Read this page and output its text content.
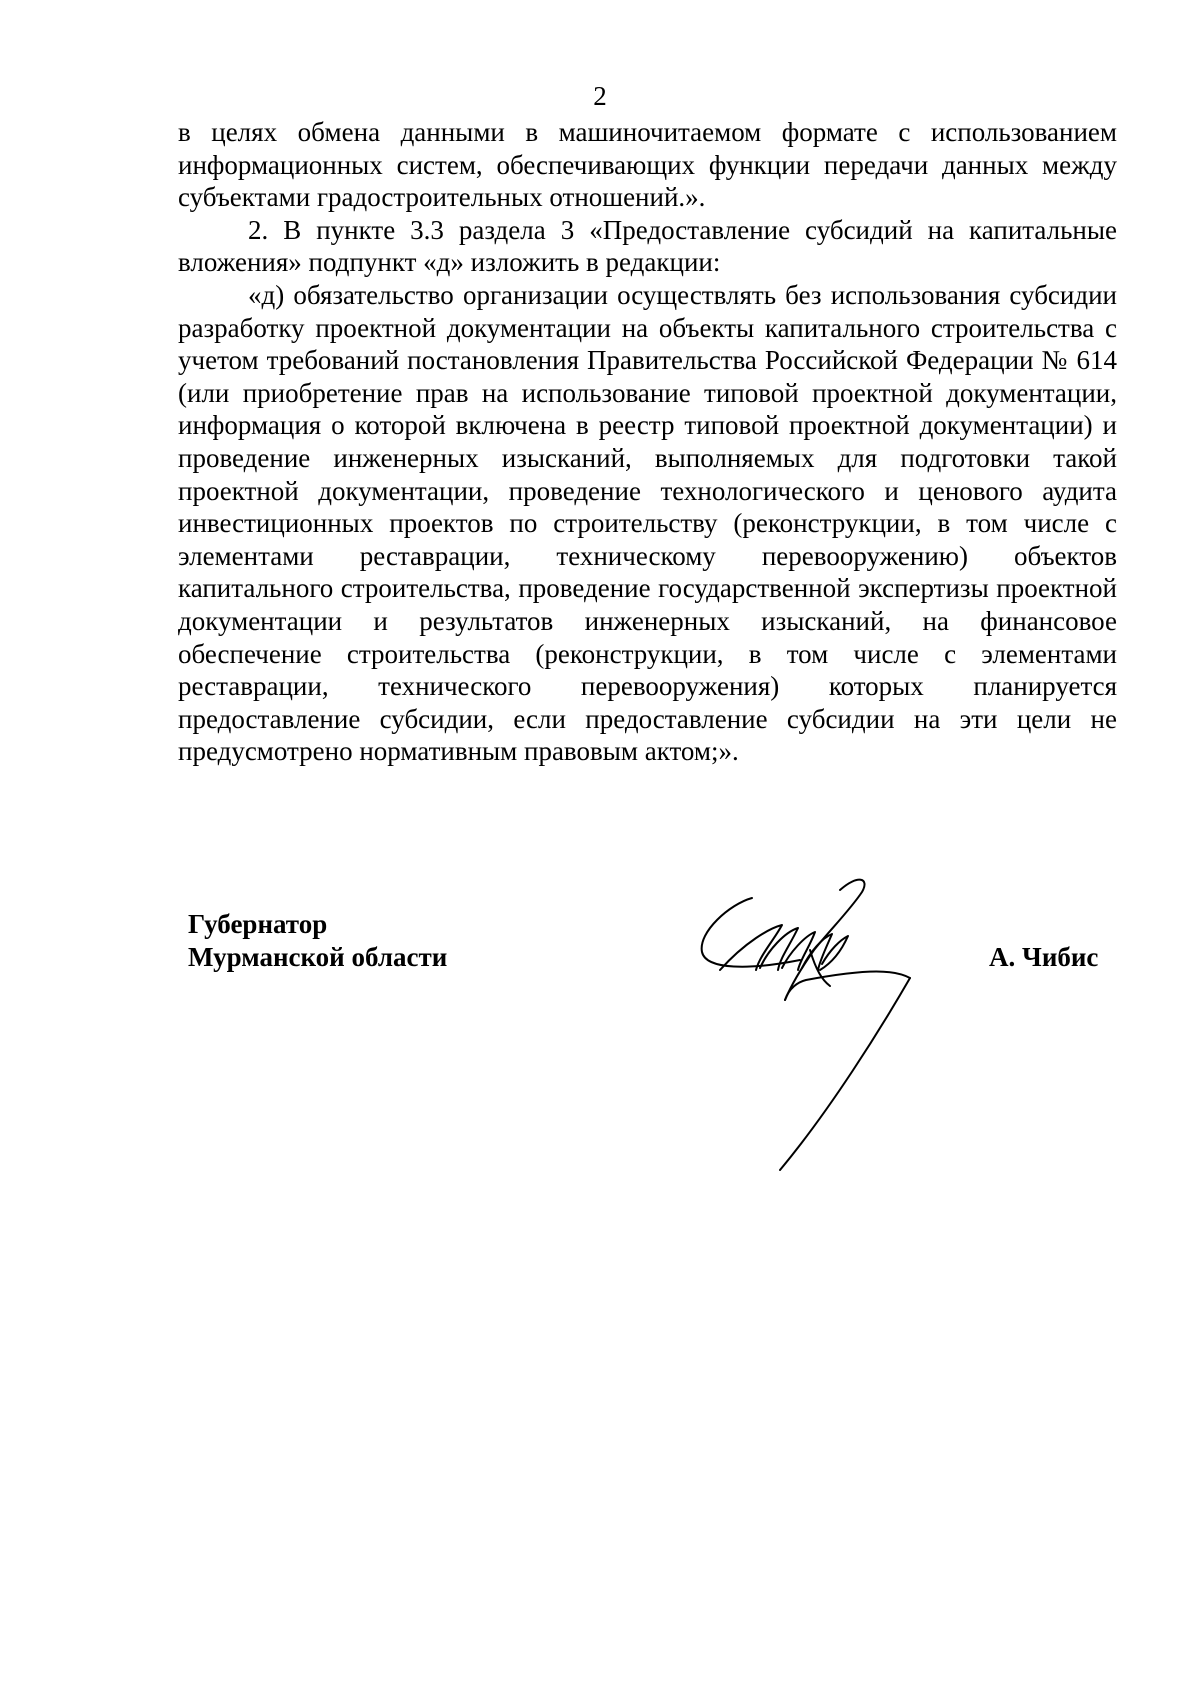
2

в целях обмена данными в машиночитаемом формате с использованием информационных систем, обеспечивающих функции передачи данных между субъектами градостроительных отношений.».

2. В пункте 3.3 раздела 3 «Предоставление субсидий на капитальные вложения» подпункт «д» изложить в редакции:

«д) обязательство организации осуществлять без использования субсидии разработку проектной документации на объекты капитального строительства с учетом требований постановления Правительства Российской Федерации № 614 (или приобретение прав на использование типовой проектной документации, информация о которой включена в реестр типовой проектной документации) и проведение инженерных изысканий, выполняемых для подготовки такой проектной документации, проведение технологического и ценового аудита инвестиционных проектов по строительству (реконструкции, в том числе с элементами реставрации, техническому перевооружению) объектов капитального строительства, проведение государственной экспертизы проектной документации и результатов инженерных изысканий, на финансовое обеспечение строительства (реконструкции, в том числе с элементами реставрации, технического перевооружения) которых планируется предоставление субсидии, если предоставление субсидии на эти цели не предусмотрено нормативным правовым актом;».

Губернатор
Мурманской области	А. Чибис
